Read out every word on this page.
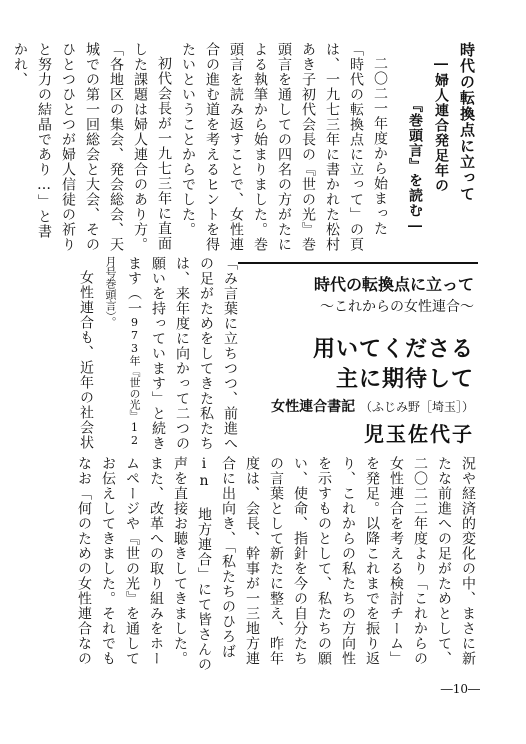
時代の転換点に立って

―婦人連合発足年の

『巻頭言』を読む―

二〇二一年度から始まった「時代の転換点に立って」の頁は、一九七三年に書かれた松村あき子初代会長の『世の光』巻頭言を通しての四名の方がたによる執筆から始まりました。巻頭言を読み返すことで、女性連合の進む道を考えるヒントを得たいということからでした。

初代会長が一九七三年に直面した課題は婦人連合のあり方。「各地区の集会、発会総会、天城での第一回総会と大会、そのひとつひとつが婦人信徒の祈りと努力の結晶であり…」と書かれ、

「み言葉に立ちつつ、前進への足がためをしてきた私たちは、来年度に向かって二つの願いを持っています」と続きます（一973年『世の光』12月号巻頭言）。

女性連合も、近年の社会状	時代の転換点に立って
〜これからの女性連合〜
用いてくださる
主に期待して
女性連合書記 （ふじみ野［埼玉］）
児玉佐代子

況や経済的変化の中、まさに新たな前進への足がためとして、二〇二二年度より「これからの女性連合を考える検討チーム」を発足。以降これまでを振り返り、これからの私たちの方向性を示すものとして、私たちの願い、使命、指針を今の自分たちの言葉として新たに整え、昨年度は、会長、幹事が一三地方連合に出向き、「私たちのひろば in 地方連合」にて皆さんの声を直接お聴きしてきました。また、改革への取り組みをホームページや『世の光』を通してお伝えしてきました。それでもなお「何のための女性連合なの

―10―
